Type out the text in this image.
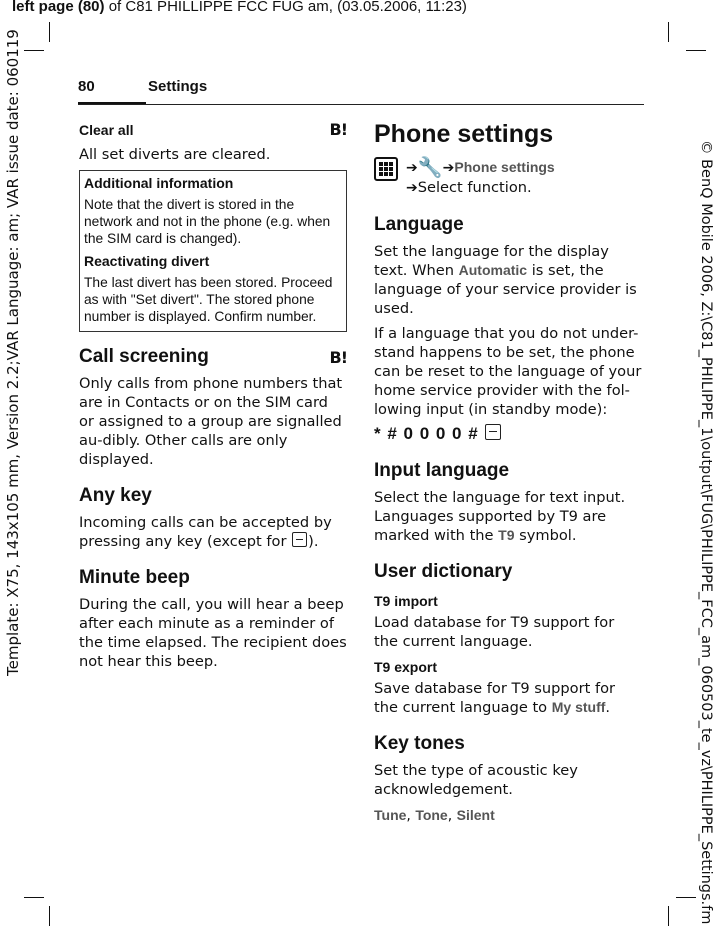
left page (80) of C81 PHILLIPPE FCC FUG am, (03.05.2006, 11:23)
Template: X75, 143x105 mm, Version 2.2;VAR Language: am; VAR issue date: 060119	© BenQ Mobile 2006, Z:\C81_PHILIPPE_1\output\FUG\PHILIPPE_FCC_am_060503_te_vz\PHILIPPE_Settings.fm
80	Settings

Clear all	B!

All set diverts are cleared.

Additional information

Note that the divert is stored in the network and not in the phone (e.g. when the SIM card is changed).

Reactivating divert

The last divert has been stored. Proceed as with "Set divert". The stored phone number is displayed. Confirm number.

Call screening	B!

Only calls from phone numbers that are in Contacts or on the SIM card or assigned to a group are signalled au-dibly. Other calls are only displayed.

Any key

Incoming calls can be accepted by pressing any key (except for ).

Minute beep

During the call, you will hear a beep after each minute as a reminder of the time elapsed. The recipient does not hear this beep.

Phone settings

➔🔧➔Phone settings
➔Select function.

Language

Set the language for the display text. When Automatic is set, the language of your service provider is used.

If a language that you do not under-stand happens to be set, the phone can be reset to the language of your home service provider with the fol-lowing input (in standby mode):

* # 0 0 0 0 #

Input language

Select the language for text input. Languages supported by T9 are marked with the T9 symbol.

User dictionary

T9 import

Load database for T9 support for the current language.

T9 export

Save database for T9 support for the current language to My stuff.

Key tones

Set the type of acoustic key acknowledgement.

Tune, Tone, Silent
